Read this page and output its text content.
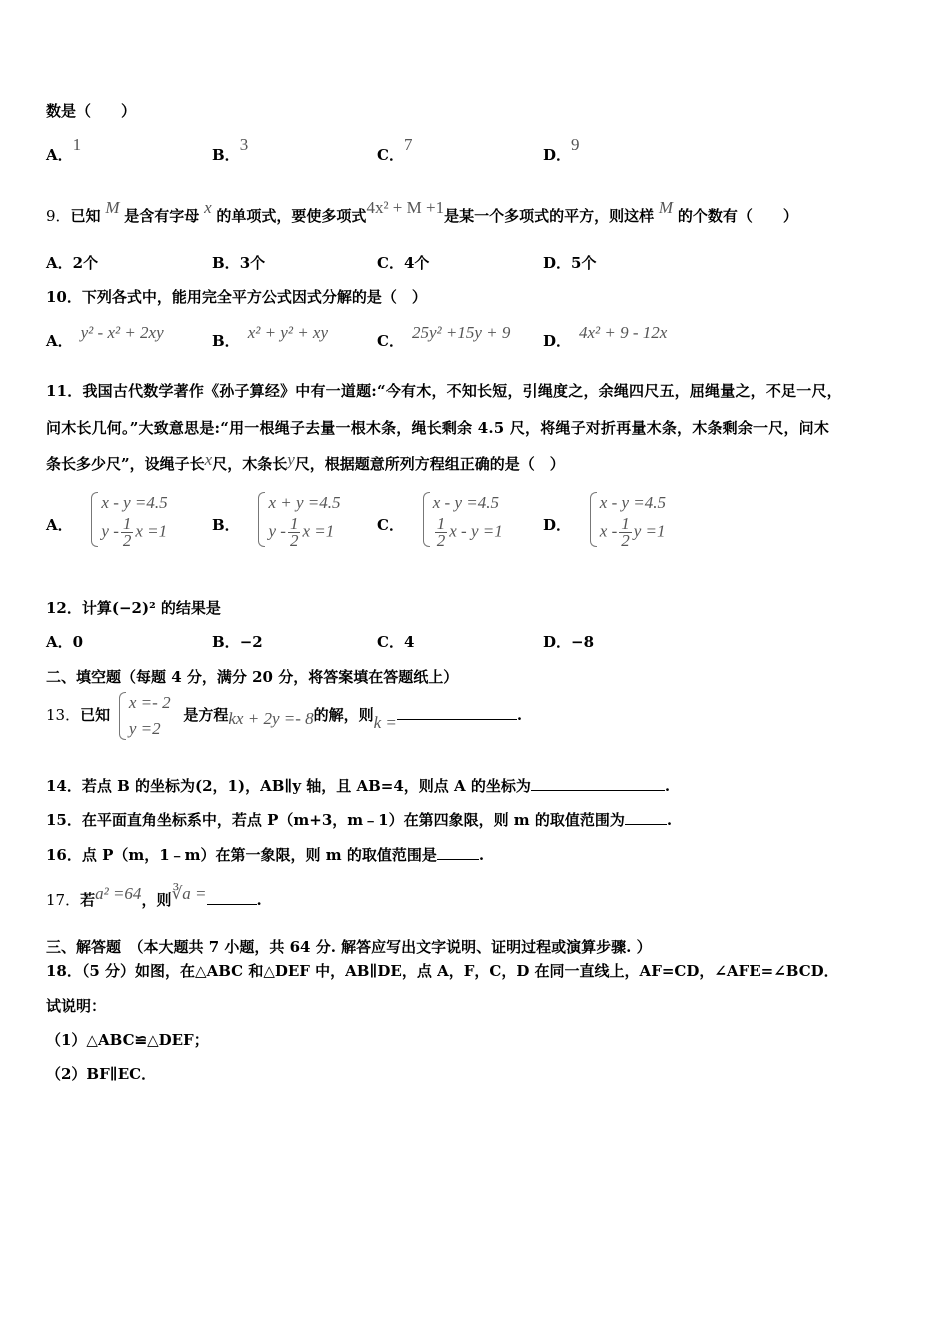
数是（　　）
A．1
B．3
C．7
D．9
9．已知 M 是含有字母 x 的单项式，要使多项式4x² + M +1是某一个多项式的平方，则这样 M 的个数有（　　）
A．2个	B．3个	C．4个	D．5个
10．下列各式中，能用完全平方公式因式分解的是（　）
A． y² - x² + 2xy	B． x² + y² + xy	C． 25y² +15y + 9 D． 4x² + 9 - 12x
11．我国古代数学著作《孙子算经》中有一道题:“今有木，不知长短，引绳度之，余绳四尺五，屈绳量之，不足一尺，
问木长几何。”大致意思是:“用一根绳子去量一根木条，绳长剩余 4.5 尺，将绳子对折再量木条，木条剩余一尺，问木
条长多少尺”，设绳子长x尺，木条长y尺，根据题意所列方程组正确的是（　）
A．
x - y =4.5
y - $\frac{1}{2}$ x =1	B．
x + y =4.5
y - $\frac{1}{2}$ x =1	C．
x - y =4.5
$\frac{1}{2}$ x - y =1	D．
x - y =4.5
x - $\frac{1}{2}$ y =1
12．计算(−2)² 的结果是
A．0	B．−2	C．4	D．−8
二、填空题（每题 4 分，满分 20 分，将答案填在答题纸上）
13．已知
x =- 2
y =2
是方程kx + 2y =- 8的解，则k =	.
14．若点 B 的坐标为(2，1)，AB∥y 轴，且 AB=4，则点 A 的坐标为	.
15．在平面直角坐标系中，若点 P（m+3，m﹣1）在第四象限，则 m 的取值范围为	.
16．点 P（m，1﹣m）在第一象限，则 m 的取值范围是	.
17．若a² =64，则∛a =	.
三、解答题　（本大题共 7 小题，共 64 分. 解答应写出文字说明、证明过程或演算步骤. ）
18．（5 分）如图，在△ABC 和△DEF 中，AB∥DE，点 A，F，C，D 在同一直线上，AF=CD，∠AFE=∠BCD．
试说明：
（1）△ABC≌△DEF；
（2）BF∥EC．
